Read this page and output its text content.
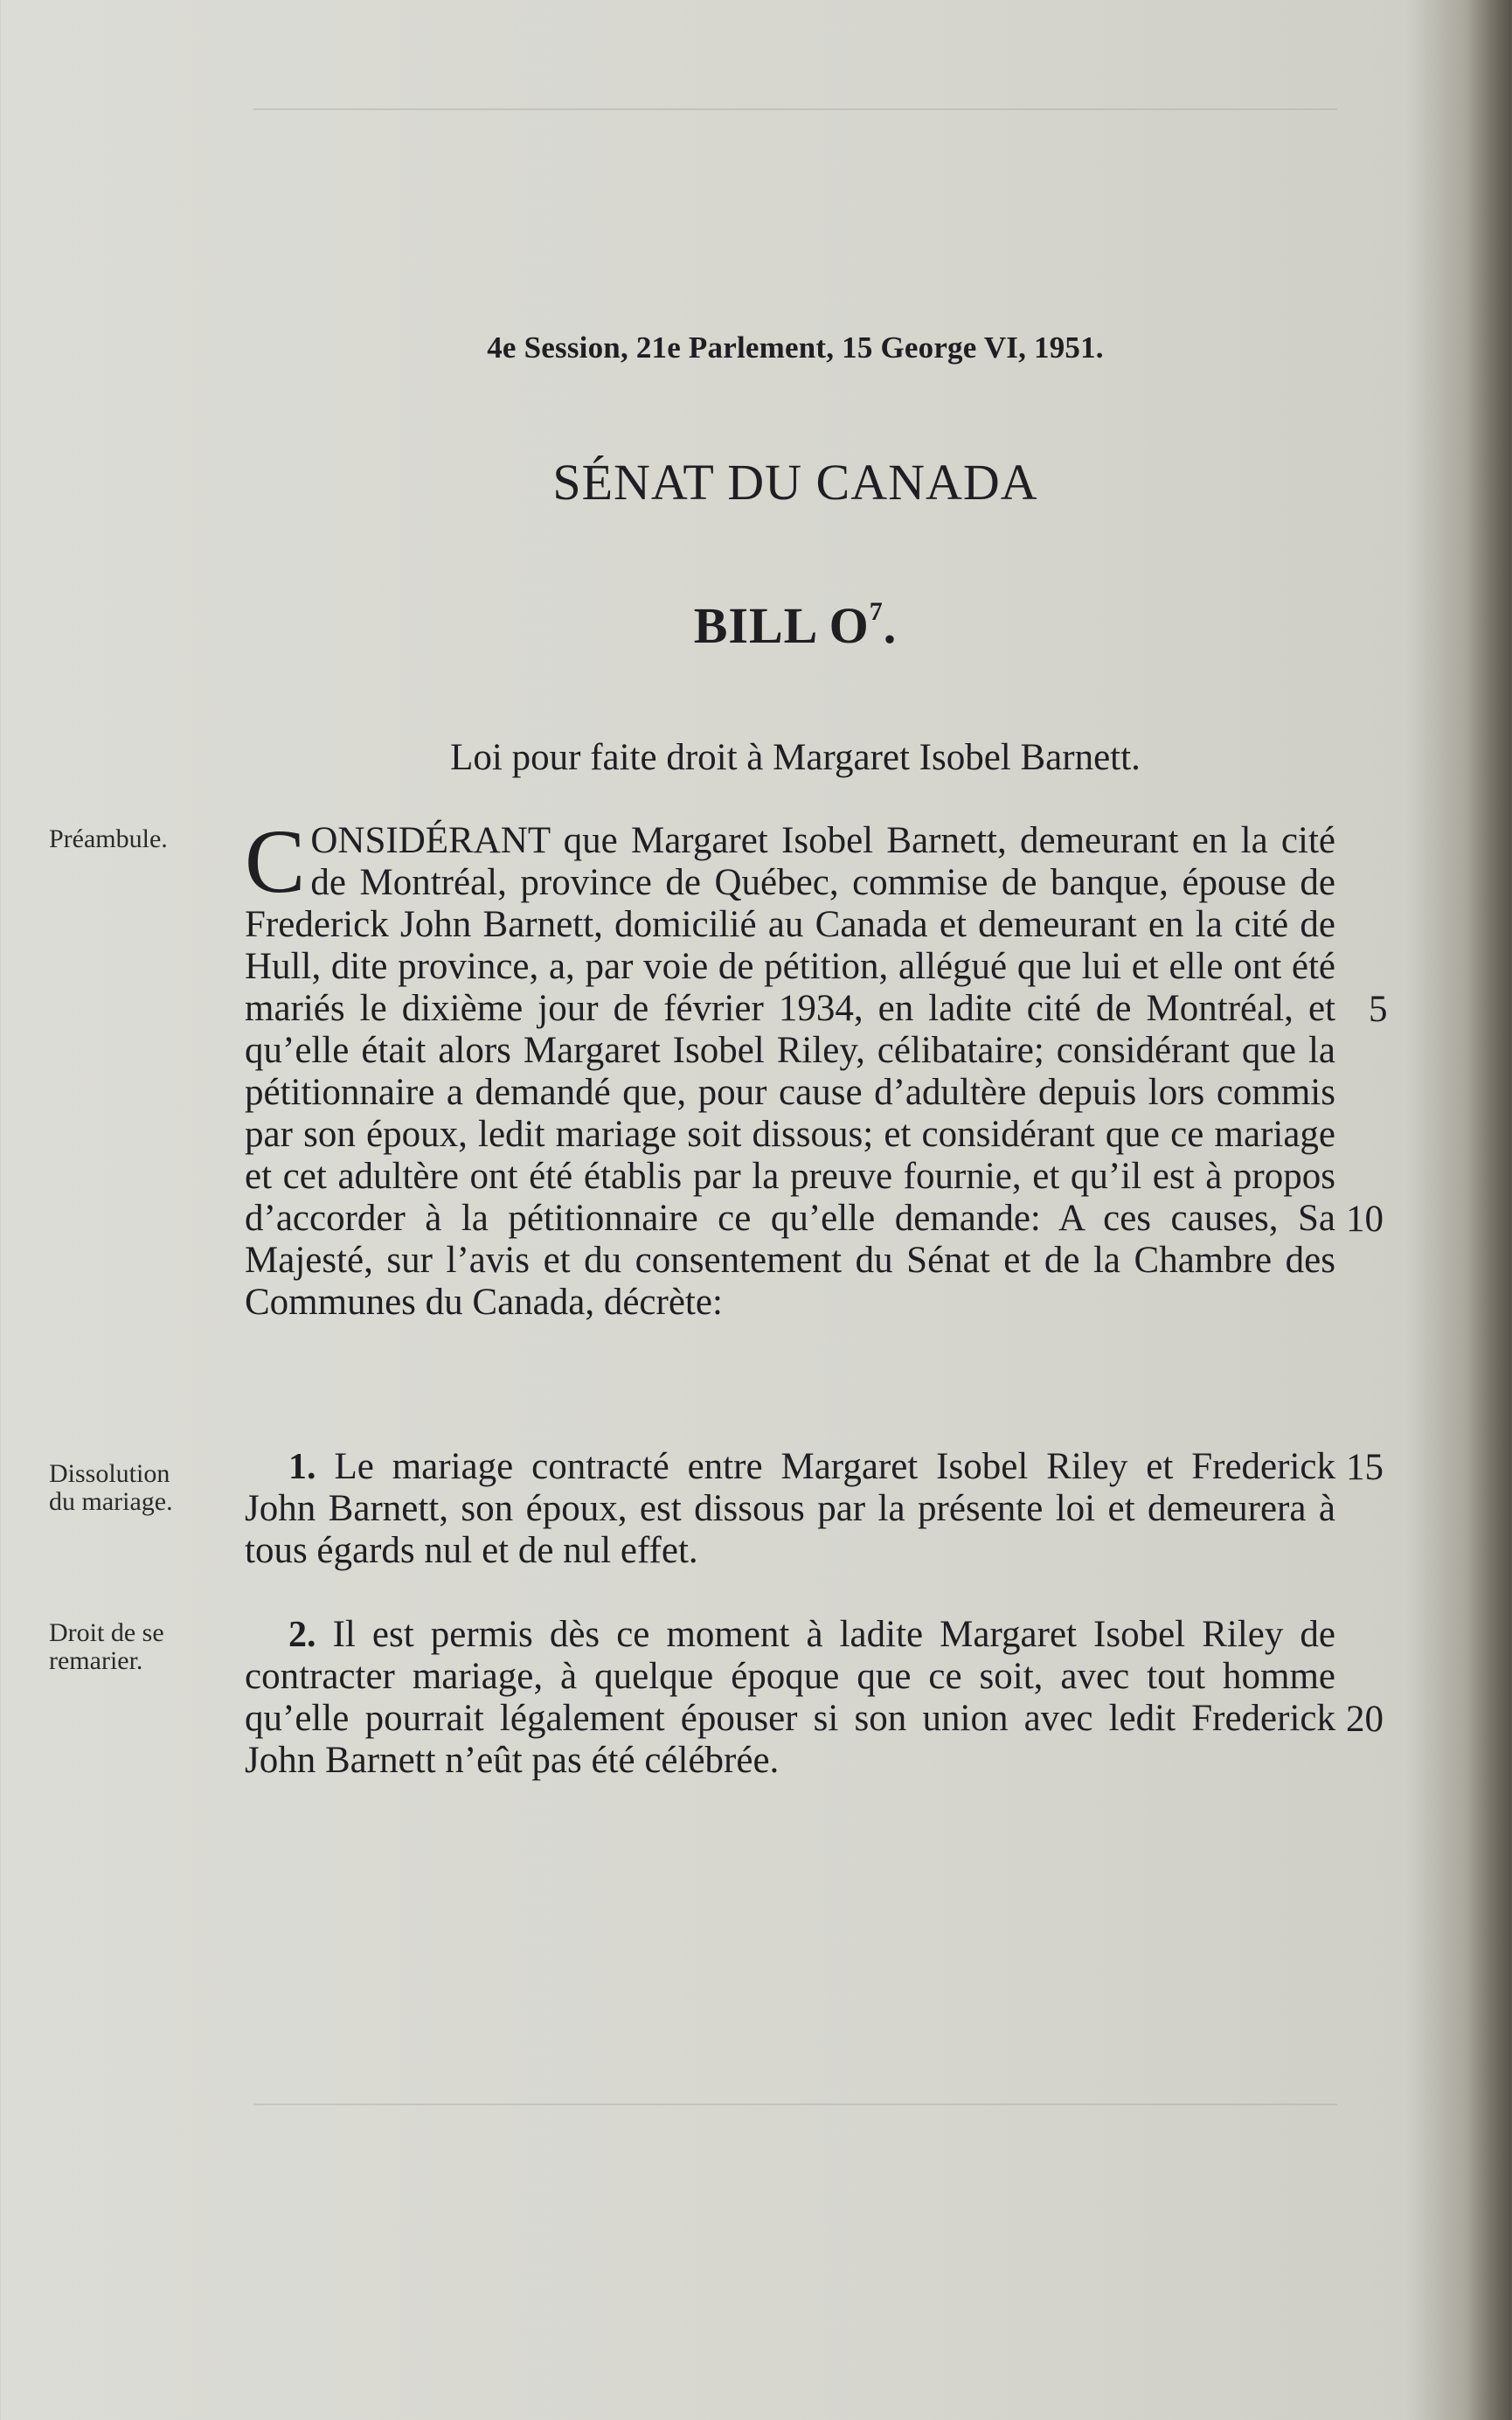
4e Session, 21e Parlement, 15 George VI, 1951.
SÉNAT DU CANADA
BILL $O^7$.
Loi pour faite droit à Margaret Isobel Barnett.
Préambule.
Dissolution
du mariage.
Droit de se
remarier.
CONSIDÉRANT que Margaret Isobel Barnett, demeurant en la cité de Montréal, province de Québec, commise de banque, épouse de Frederick John Barnett, domicilié au Canada et demeurant en la cité de Hull, dite province, a, par voie de pétition, allégué que lui et elle ont été mariés le dixième jour de février 1934, en ladite cité de Montréal, et qu’elle était alors Margaret Isobel Riley, célibataire; considérant que la pétitionnaire a demandé que, pour cause d’adultère depuis lors commis par son époux, ledit mariage soit dissous; et considérant que ce mariage et cet adultère ont été établis par la preuve fournie, et qu’il est à propos d’accorder à la pétitionnaire ce qu’elle demande: A ces causes, Sa Majesté, sur l’avis et du consentement du Sénat et de la Chambre des Communes du Canada, décrète:
1. Le mariage contracté entre Margaret Isobel Riley et Frederick John Barnett, son époux, est dissous par la présente loi et demeurera à tous égards nul et de nul effet.
2. Il est permis dès ce moment à ladite Margaret Isobel Riley de contracter mariage, à quelque époque que ce soit, avec tout homme qu’elle pourrait légalement épouser si son union avec ledit Frederick John Barnett n’eût pas été célébrée.
5
10
15
20
